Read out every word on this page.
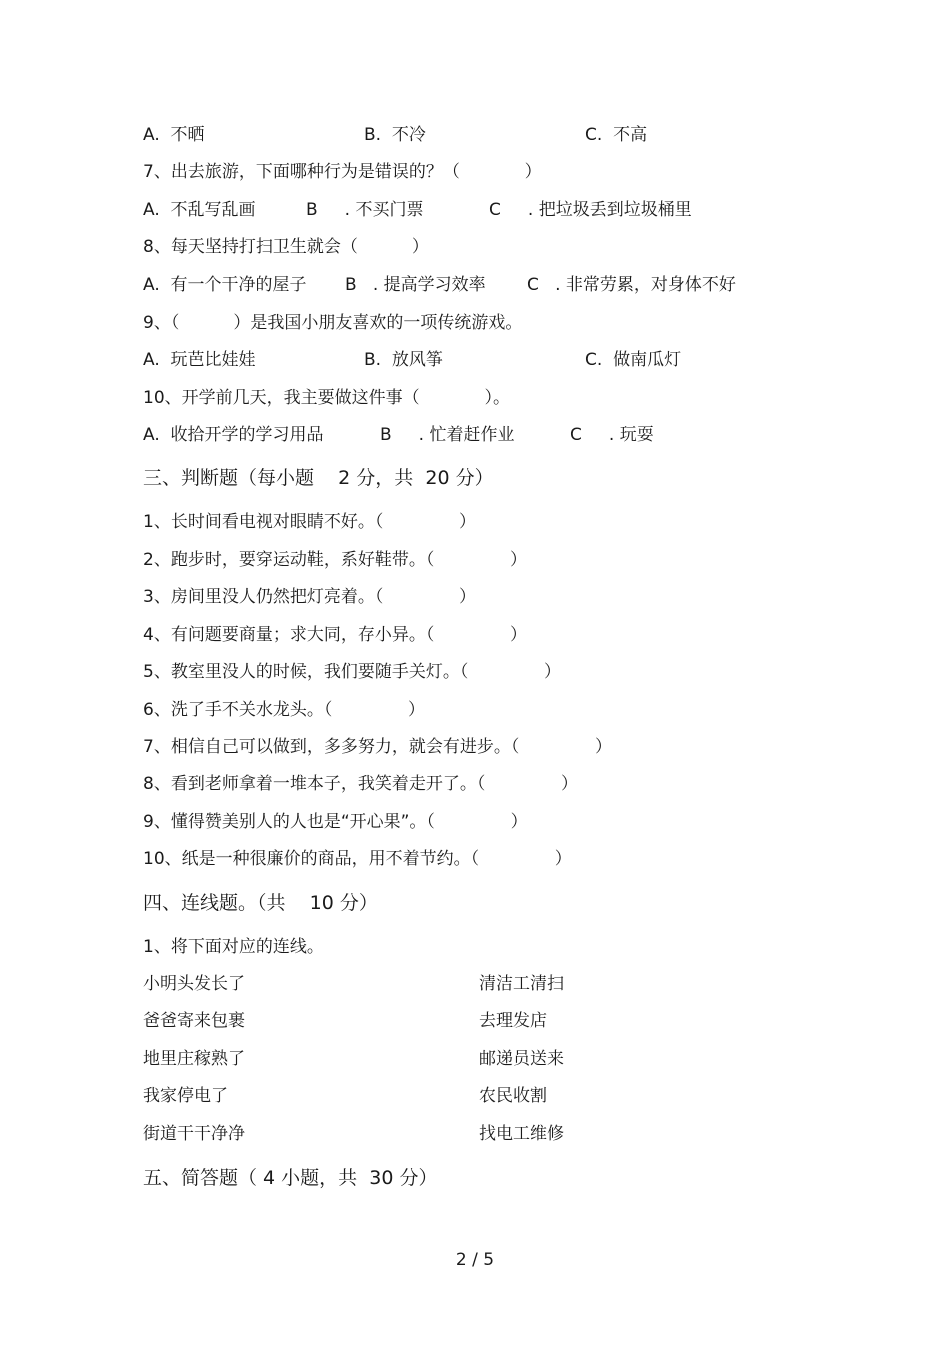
A.  不晒	B.  不冷	C.  不高
7、出去旅游，下面哪种行为是错误的？（            ）
A.  不乱写乱画	B     . 不买门票	C     . 把垃圾丢到垃圾桶里
8、每天坚持打扫卫生就会（          ）
A.  有一个干净的屋子 B   . 提高学习效率 C   . 非常劳累，对身体不好
9、（          ）是我国小朋友喜欢的一项传统游戏。
A.  玩芭比娃娃	B.  放风筝	C.  做南瓜灯
10、开学前几天，我主要做这件事（            ）。
A.  收拾开学的学习用品	B     . 忙着赶作业	C     . 玩耍
三、判断题（每小题    2 分，共  20 分）
1、长时间看电视对眼睛不好。（              ）
2、跑步时，要穿运动鞋，系好鞋带。（              ）
3、房间里没人仍然把灯亮着。（              ）
4、有问题要商量；求大同，存小异。（              ）
5、教室里没人的时候，我们要随手关灯。（              ）
6、洗了手不关水龙头。（              ）
7、相信自己可以做到，多多努力，就会有进步。（              ）
8、看到老师拿着一堆本子，我笑着走开了。（              ）
9、懂得赞美别人的人也是“开心果”。（              ）
10、纸是一种很廉价的商品，用不着节约。（              ）
四、连线题。（共    10 分）
1、将下面对应的连线。
小明头发长了	清洁工清扫
爸爸寄来包裹	去理发店
地里庄稼熟了	邮递员送来
我家停电了	农民收割
街道干干净净	找电工维修
五、简答题（ 4 小题，共  30 分）
2 / 5
